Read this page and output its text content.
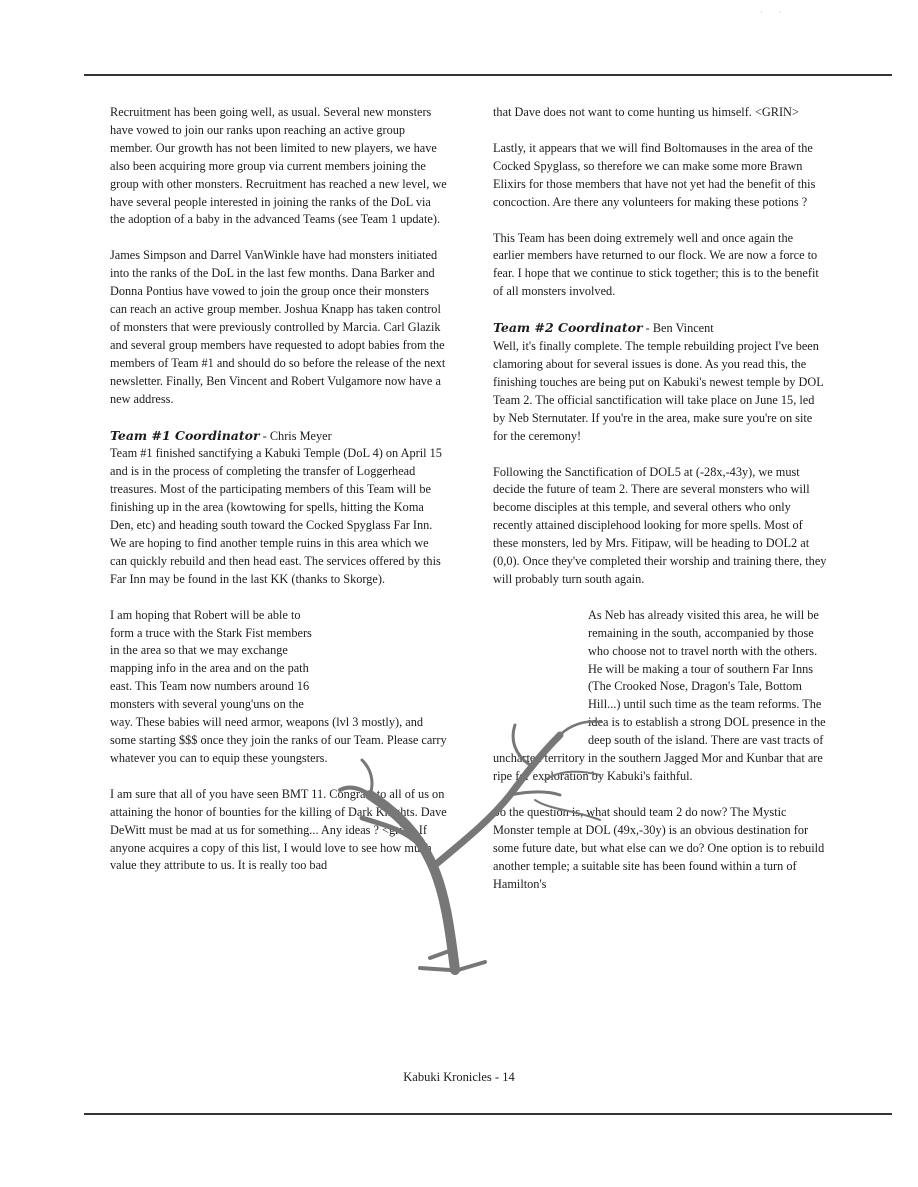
·        ·

Recruitment has been going well, as usual. Several new monsters have vowed to join our ranks upon reaching an active group member. Our growth has not been limited to new players, we have also been acquiring more group via current members joining the group with other monsters. Recruitment has reached a new level, we have several people interested in joining the ranks of the DoL via the adoption of a baby in the advanced Teams (see Team 1 update).

James Simpson and Darrel VanWinkle have had monsters initiated into the ranks of the DoL in the last few months. Dana Barker and Donna Pontius have vowed to join the group once their monsters can reach an active group member. Joshua Knapp has taken control of monsters that were previously controlled by Marcia. Carl Glazik and several group members have requested to adopt babies from the members of Team #1 and should do so before the release of the next newsletter. Finally, Ben Vincent and Robert Vulgamore now have a new address.

Team #1 Coordinator - Chris Meyer

Team #1 finished sanctifying a Kabuki Temple (DoL 4) on April 15 and is in the process of completing the transfer of Loggerhead treasures. Most of the participating members of this Team will be finishing up in the area (kowtowing for spells, hitting the Koma Den, etc) and heading south toward the Cocked Spyglass Far Inn. We are hoping to find another temple ruins in this area which we can quickly rebuild and then head east. The services offered by this Far Inn may be found in the last KK (thanks to Skorge).

I am hoping that Robert will be able to form a truce with the Stark Fist members in the area so that we may exchange mapping info in the area and on the path east. This Team now numbers around 16 monsters with several young'uns on the way. These babies will need armor, weapons (lvl 3 mostly), and some starting $$$ once they join the ranks of our Team. Please carry whatever you can to equip these youngsters.

I am sure that all of you have seen BMT 11. Congrats to all of us on attaining the honor of bounties for the killing of Dark Knights. Dave DeWitt must be mad at us for something... Any ideas ? <grin> If anyone acquires a copy of this list, I would love to see how much value they attribute to us. It is really too bad

that Dave does not want to come hunting us himself. <GRIN>

Lastly, it appears that we will find Boltomauses in the area of the Cocked Spyglass, so therefore we can make some more Brawn Elixirs for those members that have not yet had the benefit of this concoction. Are there any volunteers for making these potions ?

This Team has been doing extremely well and once again the earlier members have returned to our flock. We are now a force to fear. I hope that we continue to stick together; this is to the benefit of all monsters involved.

Team #2 Coordinator - Ben Vincent

Well, it's finally complete. The temple rebuilding project I've been clamoring about for several issues is done. As you read this, the finishing touches are being put on Kabuki's newest temple by DOL Team 2. The official sanctification will take place on June 15, led by Neb Sternutater. If you're in the area, make sure you're on site for the ceremony!

Following the Sanctification of DOL5 at (-28x,-43y), we must decide the future of team 2. There are several monsters who will become disciples at this temple, and several others who only recently attained disciplehood looking for more spells. Most of these monsters, led by Mrs. Fitipaw, will be heading to DOL2 at (0,0). Once they've completed their worship and training there, they will probably turn south again.

As Neb has already visited this area, he will be remaining in the south, accompanied by those who choose not to travel north with the others. He will be making a tour of southern Far Inns (The Crooked Nose, Dragon's Tale, Bottom Hill...) until such time as the team reforms. The idea is to establish a strong DOL presence in the deep south of the island. There are vast tracts of uncharted territory in the southern Jagged Mor and Kunbar that are ripe for exploration by Kabuki's faithful.

So the question is, what should team 2 do now? The Mystic Monster temple at DOL (49x,-30y) is an obvious destination for some future date, but what else can we do? One option is to rebuild another temple; a suitable site has been found within a turn of Hamilton's

Kabuki Kronicles - 14
